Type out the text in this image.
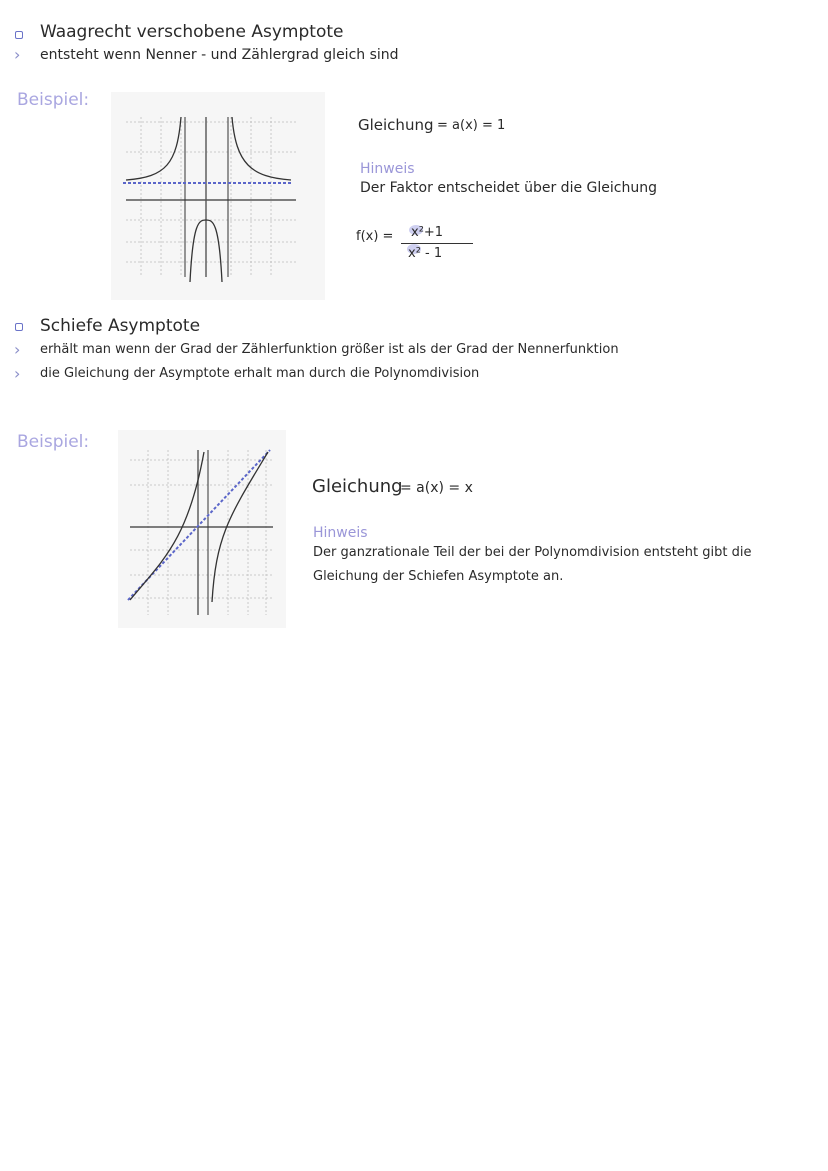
Waagrecht verschobene Asymptote
› entsteht wenn Nenner - und Zählergrad gleich sind
Beispiel:
Gleichung = a(x) = 1
Hinweis
Der Faktor entscheidet über die Gleichung
f(x) = x²+1
x² - 1
Schiefe Asymptote
› erhält man wenn der Grad der Zählerfunktion größer ist als der Grad der Nennerfunktion
› die Gleichung der Asymptote erhalt man durch die Polynomdivision
Beispiel:
Gleichung
= a(x) = x
Hinweis
Der ganzrationale Teil der bei der Polynomdivision entsteht gibt die
Gleichung der Schiefen Asymptote an.
